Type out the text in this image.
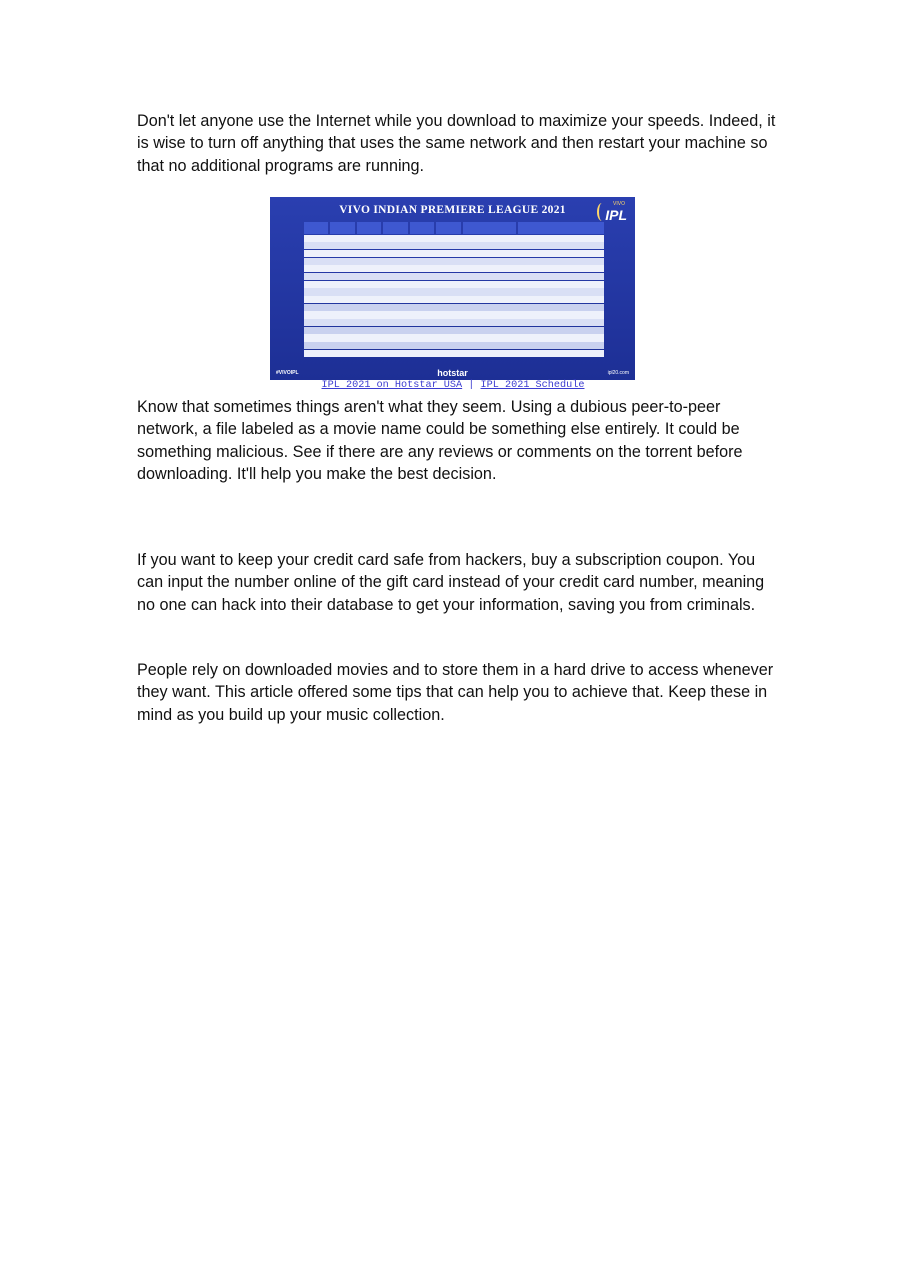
Don't let anyone use the Internet while you download to maximize your speeds. Indeed, it is wise to turn off anything that uses the same network and then restart your machine so that no additional programs are running.

VIVO INDIAN PREMIERE LEAGUE 2021	VIVO
IPL
#VIVOIPL	hotstar	ipl20.com
IPL 2021 on Hotstar USA | IPL 2021 Schedule

Know that sometimes things aren't what they seem. Using a dubious peer-to-peer network, a file labeled as a movie name could be something else entirely. It could be something malicious. See if there are any reviews or comments on the torrent before downloading. It'll help you make the best decision.

If you want to keep your credit card safe from hackers, buy a subscription coupon. You can input the number online of the gift card instead of your credit card number, meaning no one can hack into their database to get your information, saving you from criminals.

People rely on downloaded movies and to store them in a hard drive to access whenever they want. This article offered some tips that can help you to achieve that. Keep these in mind as you build up your music collection.
